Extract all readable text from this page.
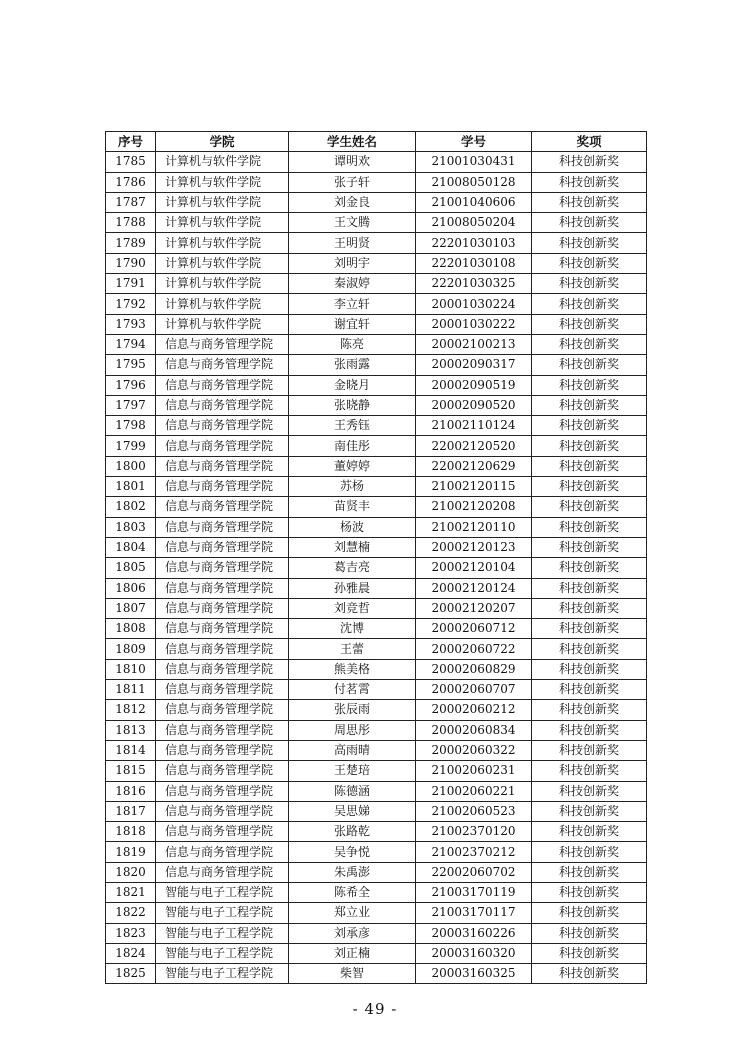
序号	学院	学生姓名	学号	奖项
1785	计算机与软件学院	谭明欢	21001030431	科技创新奖
1786	计算机与软件学院	张子轩	21008050128	科技创新奖
1787	计算机与软件学院	刘金良	21001040606	科技创新奖
1788	计算机与软件学院	王文腾	21008050204	科技创新奖
1789	计算机与软件学院	王明贤	22201030103	科技创新奖
1790	计算机与软件学院	刘明宇	22201030108	科技创新奖
1791	计算机与软件学院	秦淑婷	22201030325	科技创新奖
1792	计算机与软件学院	李立轩	20001030224	科技创新奖
1793	计算机与软件学院	谢宜轩	20001030222	科技创新奖
1794	信息与商务管理学院	陈亮	20002100213	科技创新奖
1795	信息与商务管理学院	张雨露	20002090317	科技创新奖
1796	信息与商务管理学院	金晓月	20002090519	科技创新奖
1797	信息与商务管理学院	张晓静	20002090520	科技创新奖
1798	信息与商务管理学院	王秀钰	21002110124	科技创新奖
1799	信息与商务管理学院	南佳彤	22002120520	科技创新奖
1800	信息与商务管理学院	董婷婷	22002120629	科技创新奖
1801	信息与商务管理学院	苏杨	21002120115	科技创新奖
1802	信息与商务管理学院	苗贤丰	21002120208	科技创新奖
1803	信息与商务管理学院	杨波	21002120110	科技创新奖
1804	信息与商务管理学院	刘慧楠	20002120123	科技创新奖
1805	信息与商务管理学院	葛吉亮	20002120104	科技创新奖
1806	信息与商务管理学院	孙雅晨	20002120124	科技创新奖
1807	信息与商务管理学院	刘竞哲	20002120207	科技创新奖
1808	信息与商务管理学院	沈博	20002060712	科技创新奖
1809	信息与商务管理学院	王蕾	20002060722	科技创新奖
1810	信息与商务管理学院	熊美格	20002060829	科技创新奖
1811	信息与商务管理学院	付茗霄	20002060707	科技创新奖
1812	信息与商务管理学院	张辰雨	20002060212	科技创新奖
1813	信息与商务管理学院	周思彤	20002060834	科技创新奖
1814	信息与商务管理学院	高雨晴	20002060322	科技创新奖
1815	信息与商务管理学院	王楚琣	21002060231	科技创新奖
1816	信息与商务管理学院	陈德涵	21002060221	科技创新奖
1817	信息与商务管理学院	吴思娣	21002060523	科技创新奖
1818	信息与商务管理学院	张路乾	21002370120	科技创新奖
1819	信息与商务管理学院	吴争悦	21002370212	科技创新奖
1820	信息与商务管理学院	朱禹澎	22002060702	科技创新奖
1821	智能与电子工程学院	陈希全	21003170119	科技创新奖
1822	智能与电子工程学院	郑立业	21003170117	科技创新奖
1823	智能与电子工程学院	刘承彦	20003160226	科技创新奖
1824	智能与电子工程学院	刘正楠	20003160320	科技创新奖
1825	智能与电子工程学院	柴智	20003160325	科技创新奖
- 49 -
